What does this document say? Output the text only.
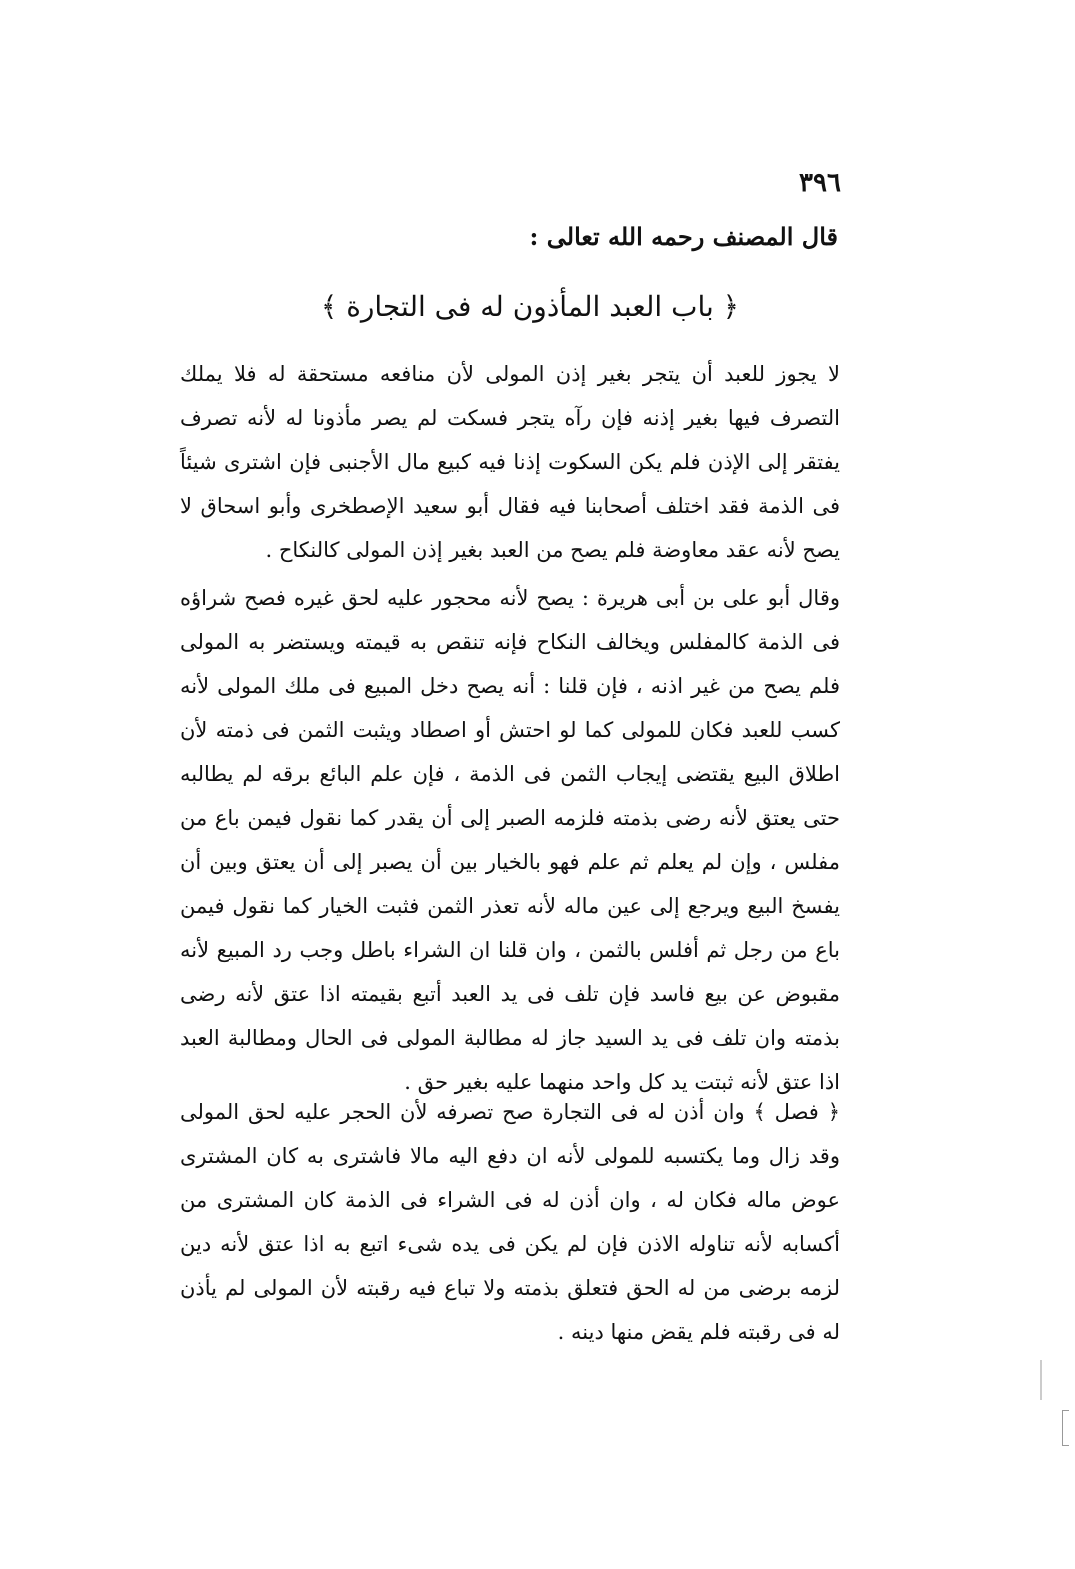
٣٩٦
قال المصنف رحمه الله تعالى :
﴿ باب العبد المأذون له فى التجارة ﴾

لا يجوز للعبد أن يتجر بغير إذن المولى لأن منافعه مستحقة له فلا يملك التصرف فيها بغير إذنه فإن رآه يتجر فسكت لم يصر مأذونا له لأنه تصرف يفتقر إلى الإذن فلم يكن السكوت إذنا فيه كبيع مال الأجنبى فإن اشترى شيئاً فى الذمة فقد اختلف أصحابنا فيه فقال أبو سعيد الإصطخرى وأبو اسحاق لا يصح لأنه عقد معاوضة فلم يصح من العبد بغير إذن المولى كالنكاح .

وقال أبو على بن أبى هريرة : يصح لأنه محجور عليه لحق غيره فصح شراؤه فى الذمة كالمفلس ويخالف النكاح فإنه تنقص به قيمته ويستضر به المولى فلم يصح من غير اذنه ، فإن قلنا : أنه يصح دخل المبيع فى ملك المولى لأنه كسب للعبد فكان للمولى كما لو احتش أو اصطاد ويثبت الثمن فى ذمته لأن اطلاق البيع يقتضى إيجاب الثمن فى الذمة ، فإن علم البائع برقه لم يطالبه حتى يعتق لأنه رضى بذمته فلزمه الصبر إلى أن يقدر كما نقول فيمن باع من مفلس ، وإن لم يعلم ثم علم فهو بالخيار بين أن يصبر إلى أن يعتق وبين أن يفسخ البيع ويرجع إلى عين ماله لأنه تعذر الثمن فثبت الخيار كما نقول فيمن باع من رجل ثم أفلس بالثمن ، وان قلنا ان الشراء باطل وجب رد المبيع لأنه مقبوض عن بيع فاسد فإن تلف فى يد العبد أتبع بقيمته اذا عتق لأنه رضى بذمته وان تلف فى يد السيد جاز له مطالبة المولى فى الحال ومطالبة العبد اذا عتق لأنه ثبتت يد كل واحد منهما عليه بغير حق .

﴿ فصل ﴾ وان أذن له فى التجارة صح تصرفه لأن الحجر عليه لحق المولى وقد زال وما يكتسبه للمولى لأنه ان دفع اليه مالا فاشترى به كان المشترى عوض ماله فكان له ، وان أذن له فى الشراء فى الذمة كان المشترى من أكسابه لأنه تناوله الاذن فإن لم يكن فى يده شىء اتبع به اذا عتق لأنه دين لزمه برضى من له الحق فتعلق بذمته ولا تباع فيه رقبته لأن المولى لم يأذن له فى رقبته فلم يقض منها دينه .
